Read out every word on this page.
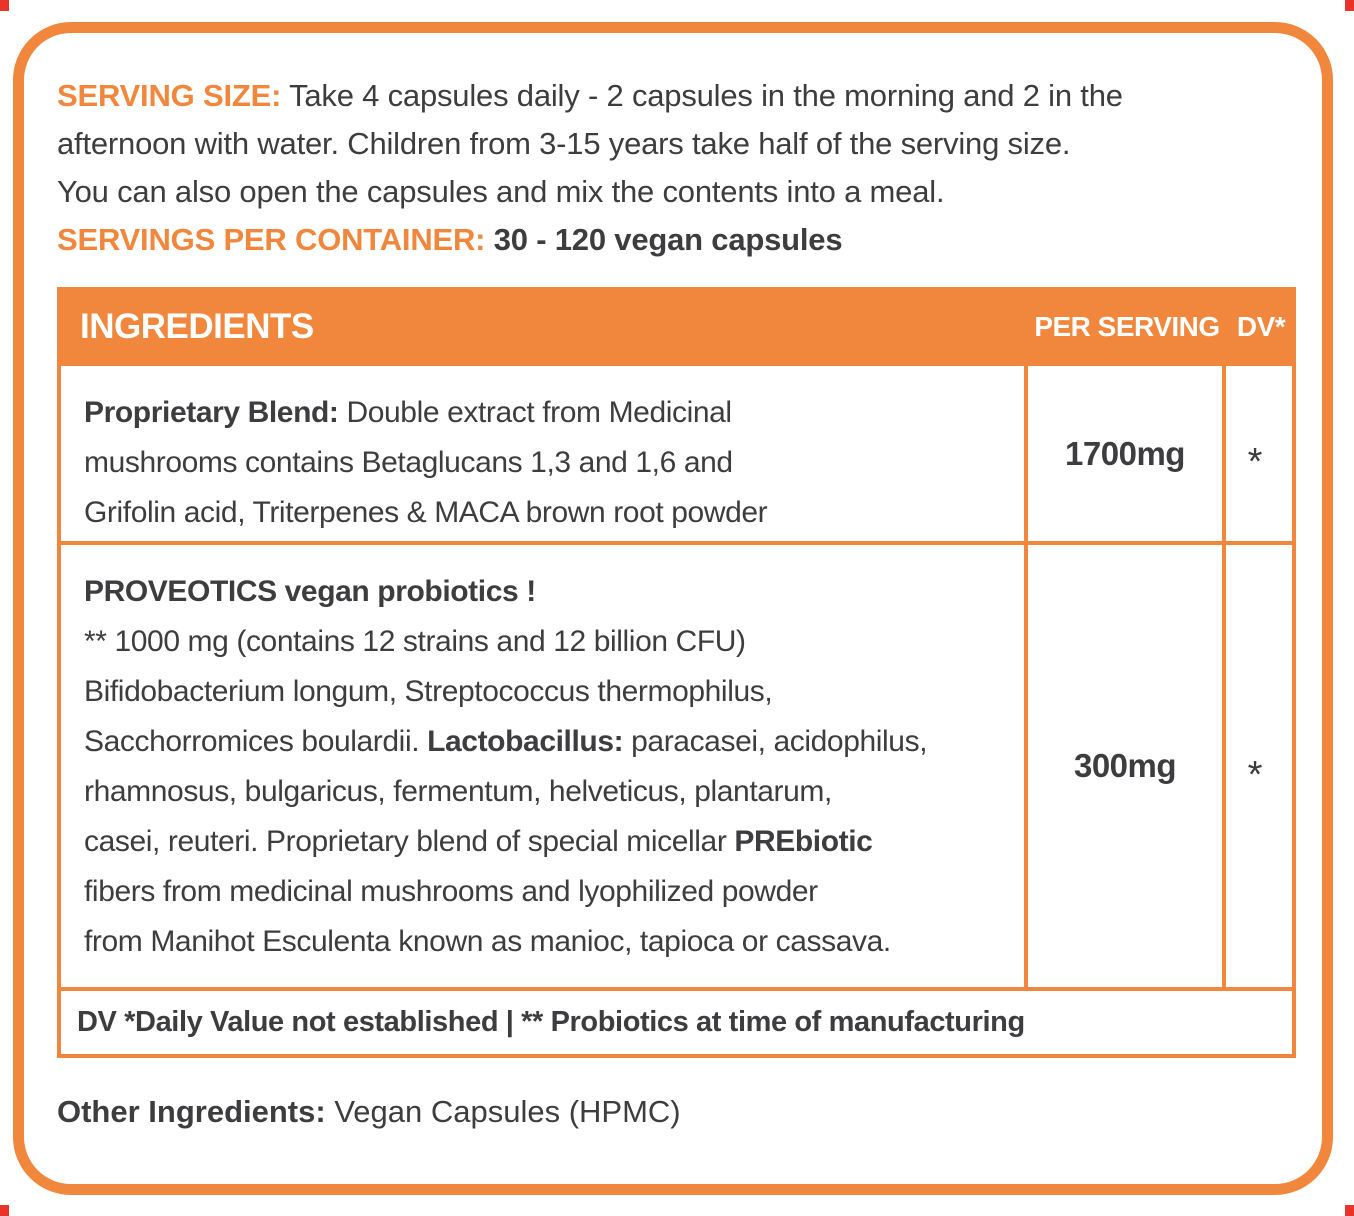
SERVING SIZE: Take 4 capsules daily - 2 capsules in the morning and 2 in the
afternoon with water. Children from 3-15 years take half of the serving size.
You can also open the capsules and mix the contents into a meal.
SERVINGS PER CONTAINER: 30 - 120 vegan capsules
INGREDIENTS	PER SERVING DV*
Proprietary Blend: Double extract from Medicinal
mushrooms contains Betaglucans 1,3 and 1,6 and
Grifolin acid, Triterpenes & MACA brown root powder
1700mg	*
PROVEOTICS vegan probiotics !
** 1000 mg (contains 12 strains and 12 billion CFU)
Bifidobacterium longum, Streptococcus thermophilus,
Sacchorromices boulardii. Lactobacillus: paracasei, acidophilus,
rhamnosus, bulgaricus, fermentum, helveticus, plantarum,
casei, reuteri. Proprietary blend of special micellar PREbiotic
fibers from medicinal mushrooms and lyophilized powder
from Manihot Esculenta known as manioc, tapioca or cassava.
300mg	*
DV *Daily Value not established | ** Probiotics at time of manufacturing
Other Ingredients: Vegan Capsules (HPMC)
